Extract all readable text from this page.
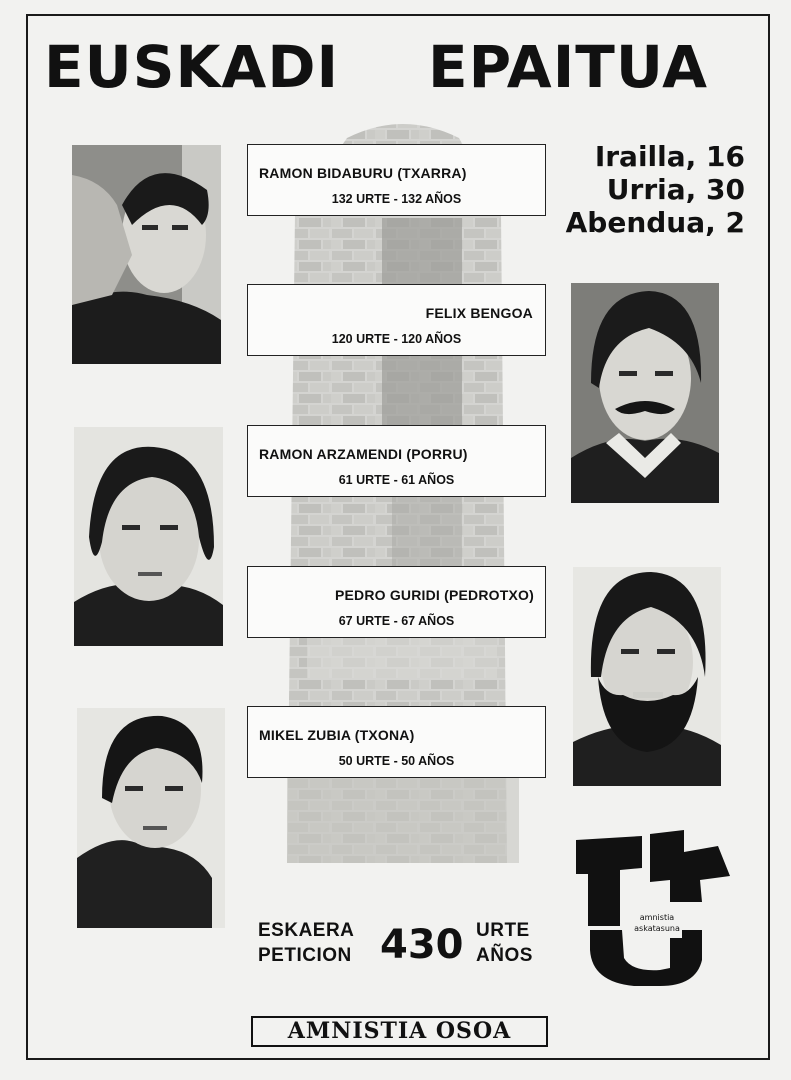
EUSKADI EPAITUA
RAMON BIDABURU (TXARRA)
132 URTE - 132 AÑOS
FELIX BENGOA
120 URTE - 120 AÑOS
RAMON ARZAMENDI (PORRU)
61 URTE - 61 AÑOS
PEDRO GURIDI (PEDROTXO)
67 URTE - 67 AÑOS
MIKEL ZUBIA (TXONA)
50 URTE - 50 AÑOS
Irailla, 16
Urria, 30
Abendua, 2
ESKAERA
PETICION 430 URTE
AÑOS
amnistia
askatasuna
AMNISTIA OSOA
